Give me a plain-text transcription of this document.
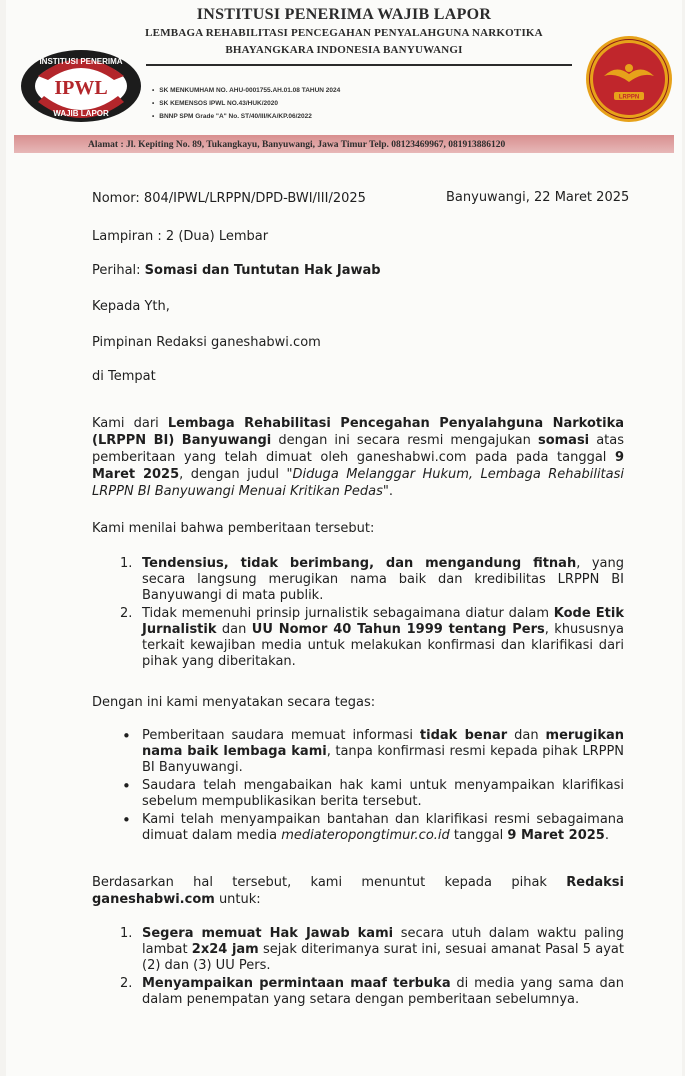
INSTITUSI PENERIMA WAJIB LAPOR
LEMBAGA REHABILITASI PENCEGAHAN PENYALAHGUNA NARKOTIKA
BHAYANGKARA INDONESIA BANYUWANGI
INSTITUSI PENERIMA
IPWL
WAJIB LAPOR
• SK MENKUMHAM NO. AHU-0001755.AH.01.08 TAHUN 2024
• SK KEMENSOS IPWL NO.43/HUK/2020
• BNNP SPM Grade "A" No. ST/40/III/KA/KP.06/2022
LRPPN
Alamat : Jl. Kepiting No. 89, Tukangkayu, Banyuwangi, Jawa Timur Telp. 08123469967, 081913886120
Nomor: 804/IPWL/LRPPN/DPD-BWI/III/2025	Banyuwangi, 22 Maret 2025
Lampiran : 2 (Dua) Lembar
Perihal: Somasi dan Tuntutan Hak Jawab
Kepada Yth,
Pimpinan Redaksi ganeshabwi.com
di Tempat
Kami dari Lembaga Rehabilitasi Pencegahan Penyalahguna Narkotika (LRPPN BI) Banyuwangi dengan ini secara resmi mengajukan somasi atas pemberitaan yang telah dimuat oleh ganeshabwi.com pada pada tanggal 9 Maret 2025, dengan judul "Diduga Melanggar Hukum, Lembaga Rehabilitasi LRPPN BI Banyuwangi Menuai Kritikan Pedas".
Kami menilai bahwa pemberitaan tersebut:
1. Tendensius, tidak berimbang, dan mengandung fitnah, yang secara langsung merugikan nama baik dan kredibilitas LRPPN BI Banyuwangi di mata publik.
2. Tidak memenuhi prinsip jurnalistik sebagaimana diatur dalam Kode Etik Jurnalistik dan UU Nomor 40 Tahun 1999 tentang Pers, khususnya terkait kewajiban media untuk melakukan konfirmasi dan klarifikasi dari pihak yang diberitakan.
Dengan ini kami menyatakan secara tegas:
• Pemberitaan saudara memuat informasi tidak benar dan merugikan nama baik lembaga kami, tanpa konfirmasi resmi kepada pihak LRPPN BI Banyuwangi.
• Saudara telah mengabaikan hak kami untuk menyampaikan klarifikasi sebelum mempublikasikan berita tersebut.
• Kami telah menyampaikan bantahan dan klarifikasi resmi sebagaimana dimuat dalam media mediateropongtimur.co.id tanggal 9 Maret 2025.
Berdasarkan hal tersebut, kami menuntut kepada pihak Redaksi ganeshabwi.com untuk:
1. Segera memuat Hak Jawab kami secara utuh dalam waktu paling lambat 2x24 jam sejak diterimanya surat ini, sesuai amanat Pasal 5 ayat (2) dan (3) UU Pers.
2. Menyampaikan permintaan maaf terbuka di media yang sama dan dalam penempatan yang setara dengan pemberitaan sebelumnya.
